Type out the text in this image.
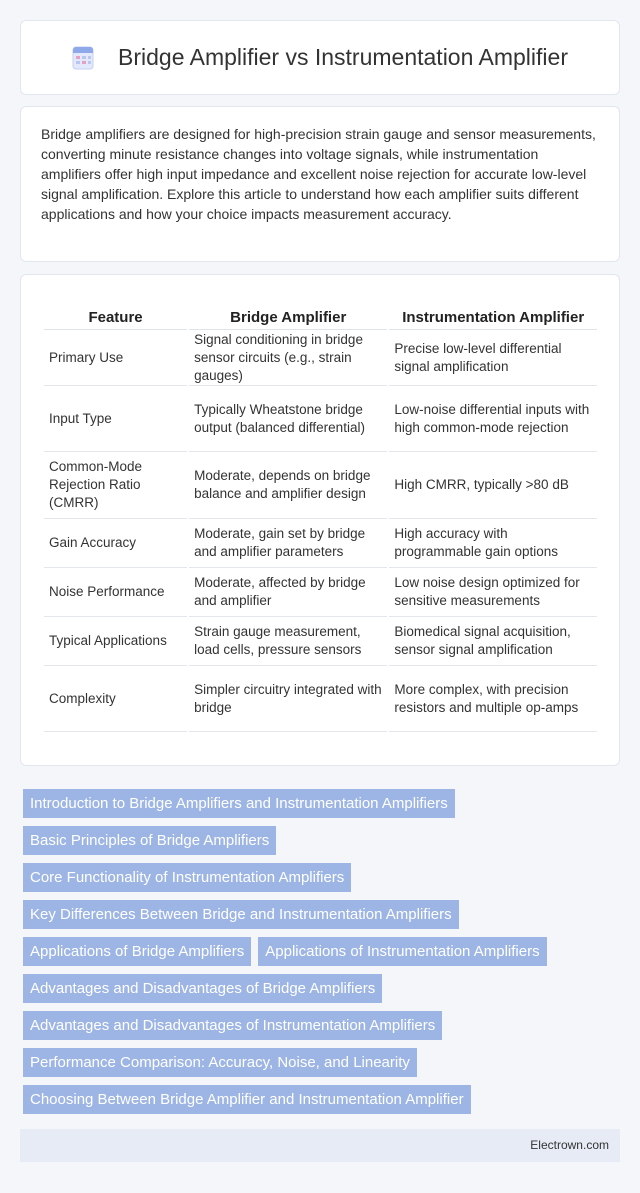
Bridge Amplifier vs Instrumentation Amplifier

Bridge amplifiers are designed for high-precision strain gauge and sensor measurements, converting minute resistance changes into voltage signals, while instrumentation amplifiers offer high input impedance and excellent noise rejection for accurate low-level signal amplification. Explore this article to understand how each amplifier suits different applications and how your choice impacts measurement accuracy.

Feature	Bridge Amplifier	Instrumentation Amplifier
Primary Use	Signal conditioning in bridge sensor circuits (e.g., strain gauges)	Precise low-level differential signal amplification
Input Type	Typically Wheatstone bridge output (balanced differential)	Low-noise differential inputs with high common-mode rejection
Common-Mode Rejection Ratio (CMRR)	Moderate, depends on bridge balance and amplifier design	High CMRR, typically >80 dB
Gain Accuracy	Moderate, gain set by bridge and amplifier parameters	High accuracy with programmable gain options
Noise Performance	Moderate, affected by bridge and amplifier	Low noise design optimized for sensitive measurements
Typical Applications	Strain gauge measurement, load cells, pressure sensors	Biomedical signal acquisition, sensor signal amplification
Complexity	Simpler circuitry integrated with bridge	More complex, with precision resistors and multiple op-amps
Introduction to Bridge Amplifiers and Instrumentation Amplifiers
Basic Principles of Bridge Amplifiers
Core Functionality of Instrumentation Amplifiers
Key Differences Between Bridge and Instrumentation Amplifiers
Applications of Bridge Amplifiers Applications of Instrumentation Amplifiers
Advantages and Disadvantages of Bridge Amplifiers
Advantages and Disadvantages of Instrumentation Amplifiers
Performance Comparison: Accuracy, Noise, and Linearity
Choosing Between Bridge Amplifier and Instrumentation Amplifier
Electrown.com
